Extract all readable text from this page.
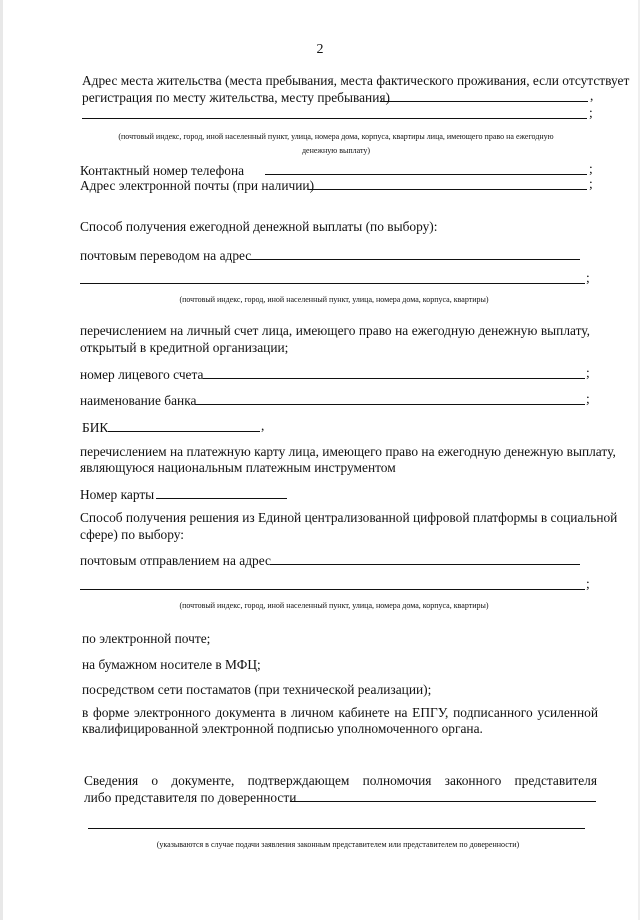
2
Адрес места жительства (места пребывания, места фактического проживания, если отсутствует
регистрация по месту жительства, месту пребывания)	,
;
(почтовый индекс, город, иной населенный пункт, улица, номера дома, корпуса, квартиры лица, имеющего право на ежегодную
денежную выплату)
Контактный номер телефона	;
Адрес электронной почты (при наличии)	;
Способ получения ежегодной денежной выплаты (по выбору):
почтовым переводом на адрес
;
(почтовый индекс, город, иной населенный пункт, улица, номера дома, корпуса, квартиры)
перечислением на личный счет лица, имеющего право на ежегодную денежную выплату,
открытый в кредитной организации;
номер лицевого счета	;
наименование банка	;
БИК	,
перечислением на платежную карту лица, имеющего право на ежегодную денежную выплату,
являющуюся национальным платежным инструментом
Номер карты
Способ получения решения из Единой централизованной цифровой платформы в социальной
сфере) по выбору:
почтовым отправлением на адрес
;
(почтовый индекс, город, иной населенный пункт, улица, номера дома, корпуса, квартиры)
по электронной почте;
на бумажном носителе в МФЦ;
посредством сети постаматов (при технической реализации);
в форме электронного документа в личном кабинете на ЕПГУ, подписанного усиленной
квалифицированной электронной подписью уполномоченного органа.
Сведения о документе, подтверждающем полномочия законного представителя
либо представителя по доверенности
(указываются в случае подачи заявления законным представителем или представителем по доверенности)
